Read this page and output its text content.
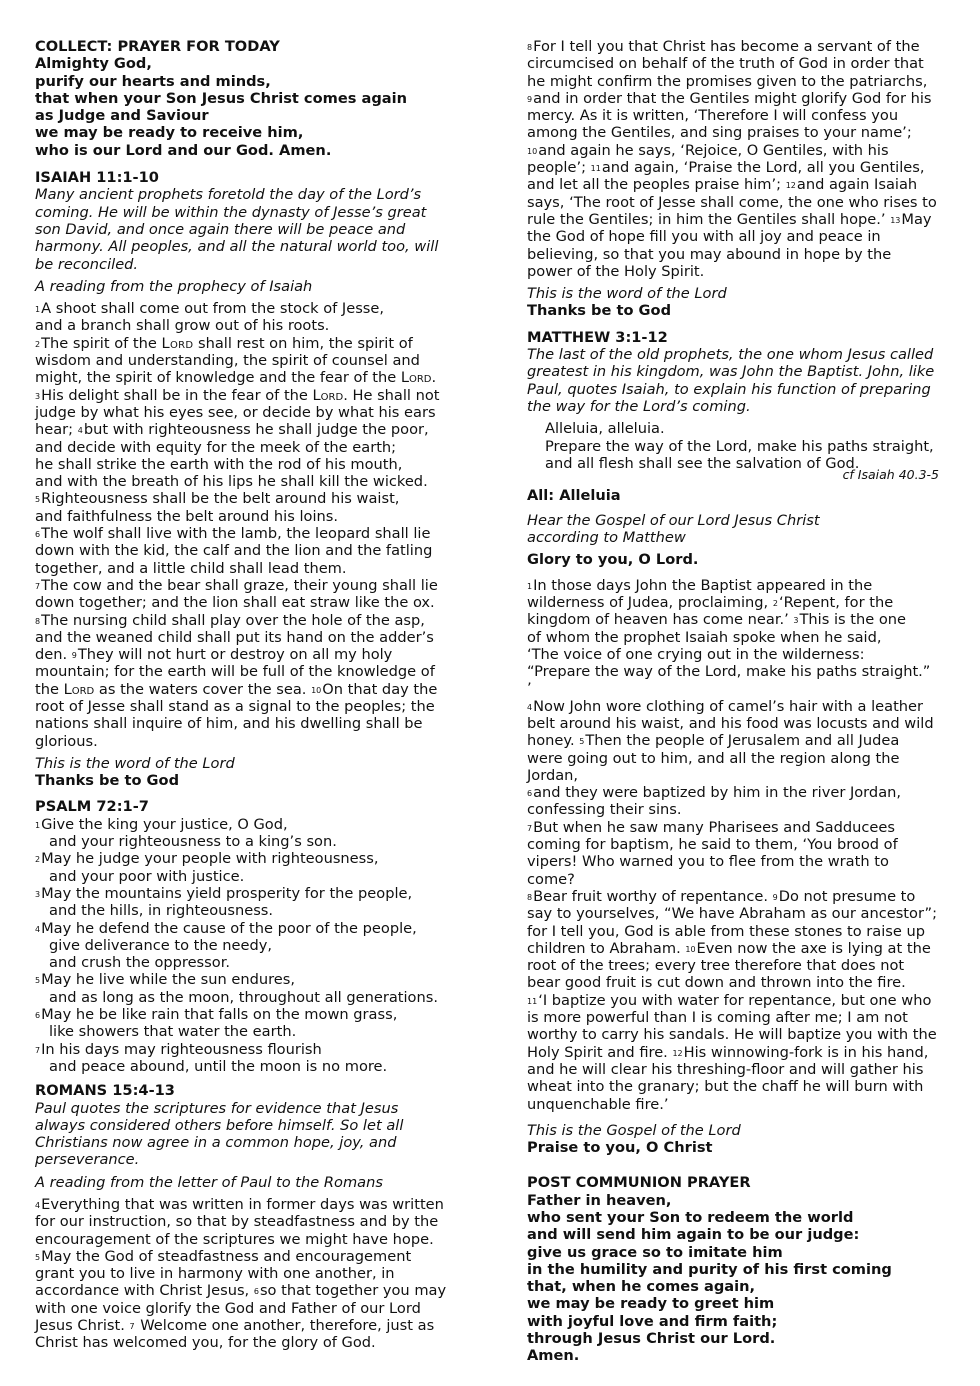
COLLECT: PRAYER FOR TODAY
Almighty God,
purify our hearts and minds,
that when your Son Jesus Christ comes again
as Judge and Saviour
we may be ready to receive him,
who is our Lord and our God. Amen.
ISAIAH 11:1-10

Many ancient prophets foretold the day of the Lord’s coming. He will be within the dynasty of Jesse’s great son David, and once again there will be peace and harmony. All peoples, and all the natural world too, will be reconciled.

A reading from the prophecy of Isaiah

$^1$A shoot shall come out from the stock of Jesse,
and a branch shall grow out of his roots.
$^2$The spirit of the Lord shall rest on him, the spirit of wisdom and understanding, the spirit of counsel and might, the spirit of knowledge and the fear of the Lord.
$^3$His delight shall be in the fear of the Lord. He shall not judge by what his eyes see, or decide by what his ears hear; $^4$but with righteousness he shall judge the poor,
and decide with equity for the meek of the earth;
he shall strike the earth with the rod of his mouth,
and with the breath of his lips he shall kill the wicked.
$^5$Righteousness shall be the belt around his waist,
and faithfulness the belt around his loins.
$^6$The wolf shall live with the lamb, the leopard shall lie down with the kid, the calf and the lion and the fatling together, and a little child shall lead them.
$^7$The cow and the bear shall graze, their young shall lie down together; and the lion shall eat straw like the ox.
$^8$The nursing child shall play over the hole of the asp, and the weaned child shall put its hand on the adder’s den. $^9$They will not hurt or destroy on all my holy mountain; for the earth will be full of the knowledge of the Lord as the waters cover the sea. $^{10}$On that day the root of Jesse shall stand as a signal to the peoples; the nations shall inquire of him, and his dwelling shall be glorious.

This is the word of the Lord

Thanks be to God

PSALM 72:1-7
$^1$Give the king your justice, O God,
and your righteousness to a king’s son.
$^2$May he judge your people with righteousness,
and your poor with justice.
$^3$May the mountains yield prosperity for the people,
and the hills, in righteousness.
$^4$May he defend the cause of the poor of the people,
give deliverance to the needy,
and crush the oppressor.
$^5$May he live while the sun endures,
and as long as the moon, throughout all generations.
$^6$May he be like rain that falls on the mown grass,
like showers that water the earth.
$^7$In his days may righteousness flourish
and peace abound, until the moon is no more.
ROMANS 15:4-13

Paul quotes the scriptures for evidence that Jesus always considered others before himself. So let all Christians now agree in a common hope, joy, and perseverance.

A reading from the letter of Paul to the Romans

$^4$Everything that was written in former days was written for our instruction, so that by steadfastness and by the encouragement of the scriptures we might have hope.
$^5$May the God of steadfastness and encouragement grant you to live in harmony with one another, in accordance with Christ Jesus, $^6$so that together you may with one voice glorify the God and Father of our Lord Jesus Christ. $^7$ Welcome one another, therefore, just as Christ has welcomed you, for the glory of God.
$^8$For I tell you that Christ has become a servant of the circumcised on behalf of the truth of God in order that he might confirm the promises given to the patriarchs, $^9$and in order that the Gentiles might glorify God for his mercy. As it is written, ‘Therefore I will confess you among the Gentiles, and sing praises to your name’; $^{10}$and again he says, ‘Rejoice, O Gentiles, with his people’; $^{11}$and again, ‘Praise the Lord, all you Gentiles, and let all the peoples praise him’; $^{12}$and again Isaiah says, ‘The root of Jesse shall come, the one who rises to rule the Gentiles; in him the Gentiles shall hope.’ $^{13}$May the God of hope fill you with all joy and peace in believing, so that you may abound in hope by the power of the Holy Spirit.

This is the word of the Lord

Thanks be to God

MATTHEW 3:1-12

The last of the old prophets, the one whom Jesus called greatest in his kingdom, was John the Baptist. John, like Paul, quotes Isaiah, to explain his function of preparing the way for the Lord’s coming.

Alleluia, alleluia.
Prepare the way of the Lord, make his paths straight,
and all flesh shall see the salvation of God.
cf Isaiah 40.3-5

All: Alleluia

Hear the Gospel of our Lord Jesus Christ

according to Matthew

Glory to you, O Lord.

$^1$In those days John the Baptist appeared in the wilderness of Judea, proclaiming, $^2$‘Repent, for the kingdom of heaven has come near.’ $^3$This is the one
of whom the prophet Isaiah spoke when he said,
‘The voice of one crying out in the wilderness:
“Prepare the way of the Lord, make his paths straight.” ’
$^4$Now John wore clothing of camel’s hair with a leather belt around his waist, and his food was locusts and wild honey. $^5$Then the people of Jerusalem and all Judea were going out to him, and all the region along the Jordan,
$^6$and they were baptized by him in the river Jordan, confessing their sins.
$^7$But when he saw many Pharisees and Sadducees coming for baptism, he said to them, ‘You brood of vipers! Who warned you to flee from the wrath to come?
$^8$Bear fruit worthy of repentance. $^9$Do not presume to say to yourselves, “We have Abraham as our ancestor”; for I tell you, God is able from these stones to raise up children to Abraham. $^{10}$Even now the axe is lying at the root of the trees; every tree therefore that does not bear good fruit is cut down and thrown into the fire.
$^{11}$‘I baptize you with water for repentance, but one who is more powerful than I is coming after me; I am not worthy to carry his sandals. He will baptize you with the Holy Spirit and fire. $^{12}$His winnowing-fork is in his hand, and he will clear his threshing-floor and will gather his wheat into the granary; but the chaff he will burn with unquenchable fire.’

This is the Gospel of the Lord

Praise to you, O Christ

POST COMMUNION PRAYER
Father in heaven,
who sent your Son to redeem the world
and will send him again to be our judge:
give us grace so to imitate him
in the humility and purity of his first coming
that, when he comes again,
we may be ready to greet him
with joyful love and firm faith;
through Jesus Christ our Lord.
Amen.
